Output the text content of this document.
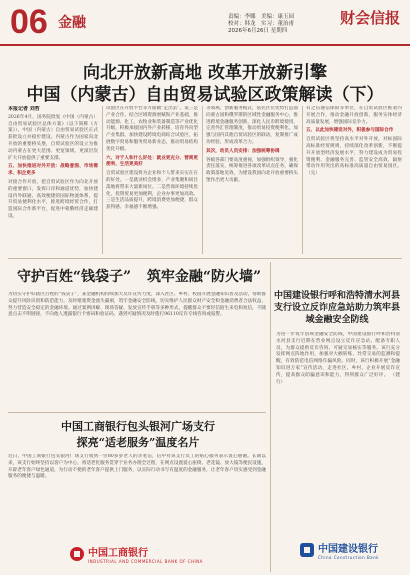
06 金融	责编：李娜　美编：康玉园
校对：韩龙　实习：董治甫
2026年6月26日 星期四
财会信报
向北开放新高地 改革开放新引擎
中国（内蒙古）自由贸易试验区政策解读（下）
本报记者 刘哲
2026年4月，国务院批复《中国（内蒙古）自由贸易试验区总体方案》（以下简称《方案》），中国（内蒙古）自由贸易试验区正式获批设立并稳步建设。内蒙古作为国家向北开放的重要桥头堡，自贸试验区的设立为推动内蒙古在更大范围、更宽领域、更深层次扩大开放提供了重要支撑。
五、加快推进对外开放：战略意图、市场需求、积企更多
对接合作开放，把自贸试验区作为向北开放的重要窗口，发挥口岸和通道优势，加快建设内外联通、高效便捷的国际物流体系，提升贸易便利化水平，推进跨境经贸合作，打造国际合作新平台，促进中蒙俄经济走廊建设。
试验区在开放平台等方面做“走出去”。第三是产业合作。结合区域资源禀赋和产业基础，推动能源、化工、农牧业和装备制造等产业优化升级，积极承接国内外产业转移，培育外向型产业集群。加快建设跨境电商综合试验区，拓展数字贸易和服务贸易新业态，推动贸易结构优化升级。
六、对于人和什么好处：就业更充分、营商更便利、生活更美好
自贸试验区建设将为企业和个人带来实实在在的好处。一是就业机会增多，产业集聚和项目落地将带来大量新岗位。二是营商环境持续优化，投资贸易更加便利，企业办事更加高效。三是生活品质提升，跨境消费更加便捷，群众获得感、幸福感不断增强。
等领域，创新服务模式，依托区位优势打造面向蒙古国和俄罗斯的区域性金融服务中心，推进跨境金融服务创新，深化人民币跨境使用，完善外汇管理制度，推动贸易投资便利化。加强与国内其他自贸试验区的联动，复制推广成功经验，形成改革合力。
其次，动员人员安排：加强统筹协调
各级各部门要高度重视，加强组织领导，强化责任落实，统筹推进各项改革试点任务，确保政策落地见效，为建设我国向北开放重要桥头堡作出更大贡献。
有之信通信保险等单位，在自贸试验区框架内开展合作，推动金融开放创新，服务实体经济高质量发展，增强国际竞争力。
五、以此加快建设对外，积极参与国际合作
自贸试验区将坚持高水平对外开放，对标国际高标准经贸规则，持续深化改革创新，不断提升开放型经济发展水平，努力建设成为贸易投资便利、金融服务完善、监管安全高效、辐射带动作用突出的高标准高质量自由贸易园区。 （完）
守护百姓“钱袋子”	筑牢金融“防火墙”
为切实守护好辖区百姓的“钱袋子”，某金融机构持续加大反诈宣传力度，深入社区、乡村、校园开展金融知识普及活动，帮助群众提升风险识别和防范能力，及时堵塞资金流失漏洞，筑牢金融安全防线，切实维护人民群众财产安全和金融消费者合法权益，努力营造安全稳定的金融环境。通过案例讲解、现场答疑、发放宣传手册等多种形式，提醒群众不要轻信陌生来电和短信，不随意点击不明链接，不向他人透露银行卡密码和验证码，遇到可疑情况及时拨打96110反诈专线咨询或报警。
中国建设银行呼和浩特清水河县支行设立反诈应急站助力筑牢县域金融安全防线
为进一步筑牢县域金融安全防线，中国建设银行呼和浩特清水河县支行近期在营业网点设立反诈应急站，配备专职人员，为群众提供反诈咨询、可疑交易核实等服务。该行充分发挥网点阵地作用，加强对大额转账、异常交易的监测和提醒，有效防范电信网络诈骗风险。同时，该行积极开展“金融知识进万家”宣传活动，走进社区、乡村、企业开展反诈宣传，提高群众防骗意识和能力，得到群众广泛好评。 （建 行）
中国建设银行
China Construction Bank
中国工商银行包头银河广场支行
探亮“适老服务”温度名片
近日，中国工商银行包头银河广场支行收到一位80多岁老人的亲笔信，信中对该支行员工的贴心服务表示衷心感谢。长期以来，该支行始终坚持以客户为中心，将适老化服务贯穿于业务办理全过程，在网点设置爱心座椅、老花镜、放大镜等便民设施，开辟老年客户绿色通道，为行动不便的老年客户提供上门服务，以实际行动书写有温度的金融服务，让老年客户切实感受到金融服务的便捷与温暖。
中国工商银行
INDUSTRIAL AND COMMERCIAL BANK OF CHINA
